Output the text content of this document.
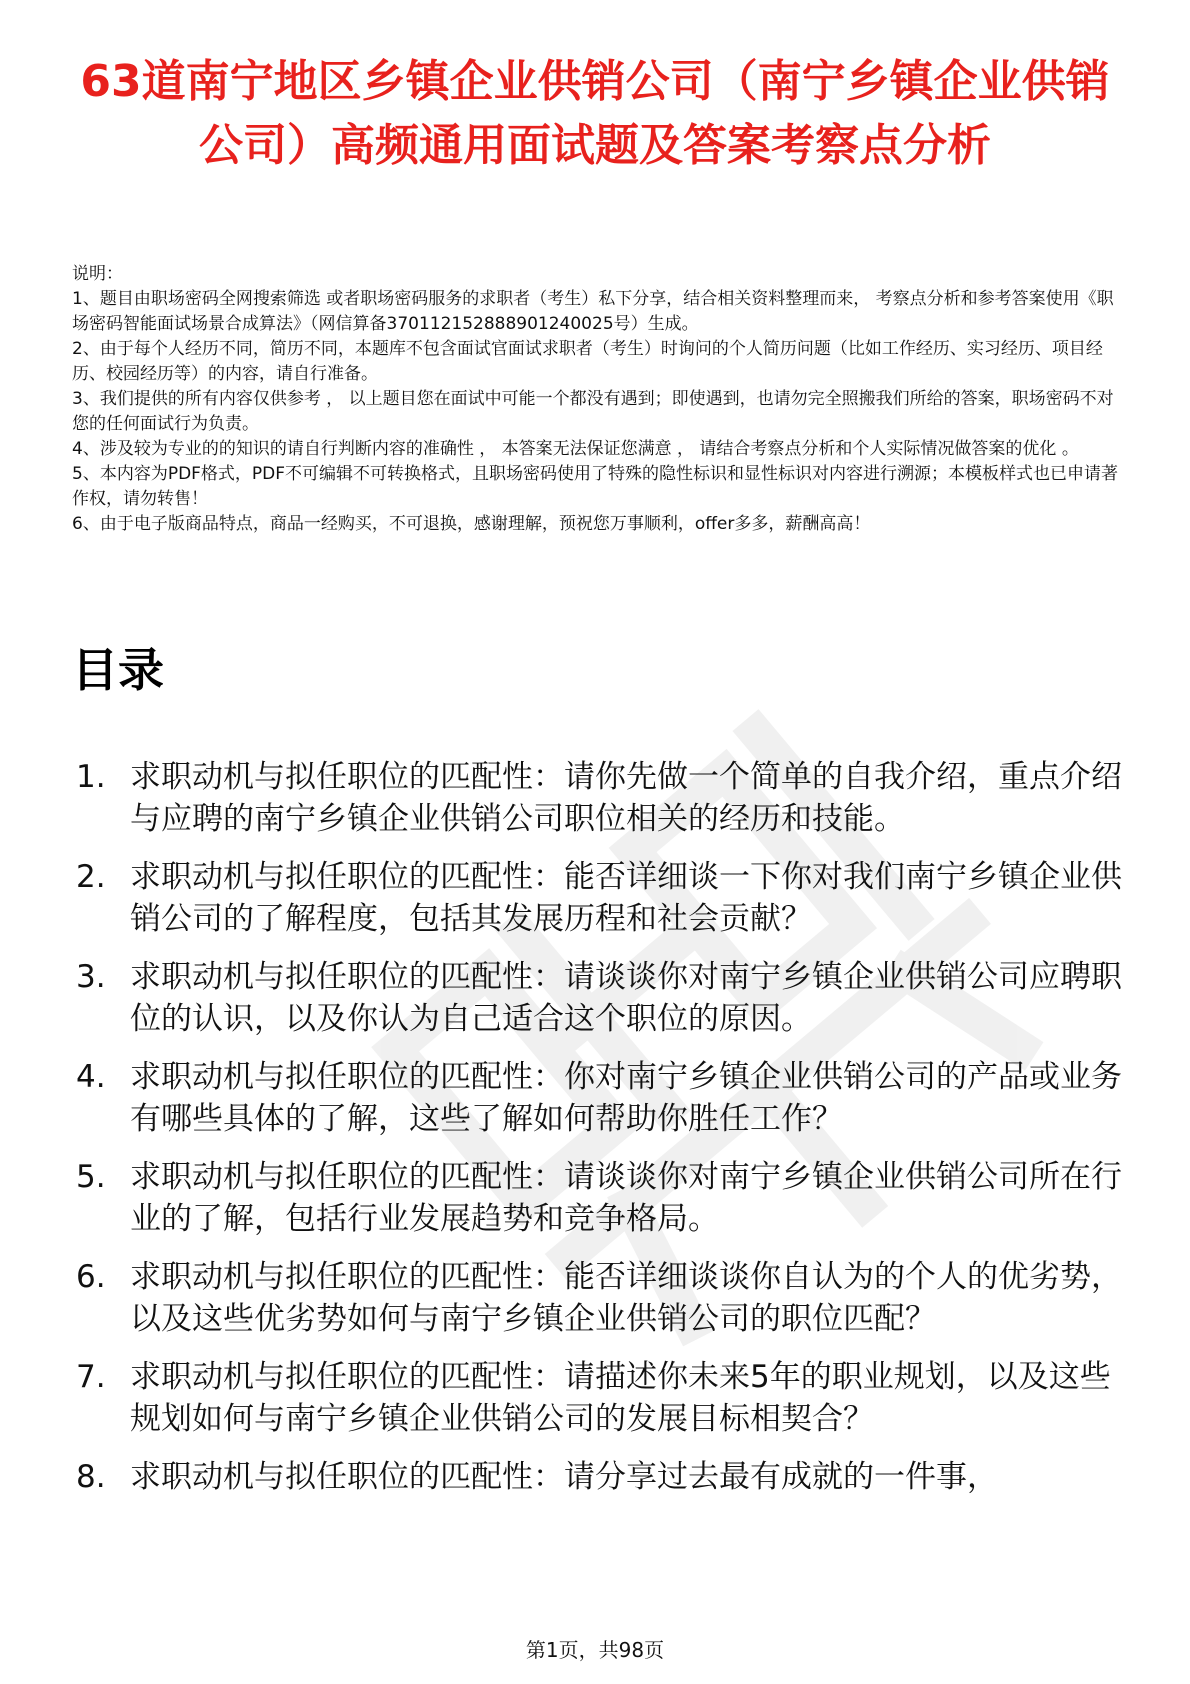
63道南宁地区乡镇企业供销公司（南宁乡镇企业供销公司）高频通用面试题及答案考察点分析

说明：

1、题目由职场密码全网搜索筛选 或者职场密码服务的求职者（考生）私下分享，结合相关资料整理而来， 考察点分析和参考答案使用《职场密码智能面试场景合成算法》（网信算备370112152888901240025号）生成。

2、由于每个人经历不同，简历不同，本题库不包含面试官面试求职者（考生）时询问的个人简历问题（比如工作经历、实习经历、项目经历、校园经历等）的内容，请自行准备。

3、我们提供的所有内容仅供参考 ， 以上题目您在面试中可能一个都没有遇到；即使遇到，也请勿完全照搬我们所给的答案，职场密码不对您的任何面试行为负责。

4、涉及较为专业的的知识的请自行判断内容的准确性 ， 本答案无法保证您满意 ， 请结合考察点分析和个人实际情况做答案的优化 。

5、本内容为PDF格式，PDF不可编辑不可转换格式，且职场密码使用了特殊的隐性标识和显性标识对内容进行溯源；本模板样式也已申请著作权，请勿转售！

6、由于电子版商品特点，商品一经购买，不可退换，感谢理解，预祝您万事顺利，offer多多，薪酬高高！

目录
1. 求职动机与拟任职位的匹配性：请你先做一个简单的自我介绍，重点介绍与应聘的南宁乡镇企业供销公司职位相关的经历和技能。
2. 求职动机与拟任职位的匹配性：能否详细谈一下你对我们南宁乡镇企业供销公司的了解程度，包括其发展历程和社会贡献？
3. 求职动机与拟任职位的匹配性：请谈谈你对南宁乡镇企业供销公司应聘职位的认识，以及你认为自己适合这个职位的原因。
4. 求职动机与拟任职位的匹配性：你对南宁乡镇企业供销公司的产品或业务有哪些具体的了解，这些了解如何帮助你胜任工作？
5. 求职动机与拟任职位的匹配性：请谈谈你对南宁乡镇企业供销公司所在行业的了解，包括行业发展趋势和竞争格局。
6. 求职动机与拟任职位的匹配性：能否详细谈谈你自认为的个人的优劣势，以及这些优劣势如何与南宁乡镇企业供销公司的职位匹配？
7. 求职动机与拟任职位的匹配性：请描述你未来5年的职业规划，以及这些规划如何与南宁乡镇企业供销公司的发展目标相契合？
8. 求职动机与拟任职位的匹配性：请分享过去最有成就的一件事，
第1页，共98页
